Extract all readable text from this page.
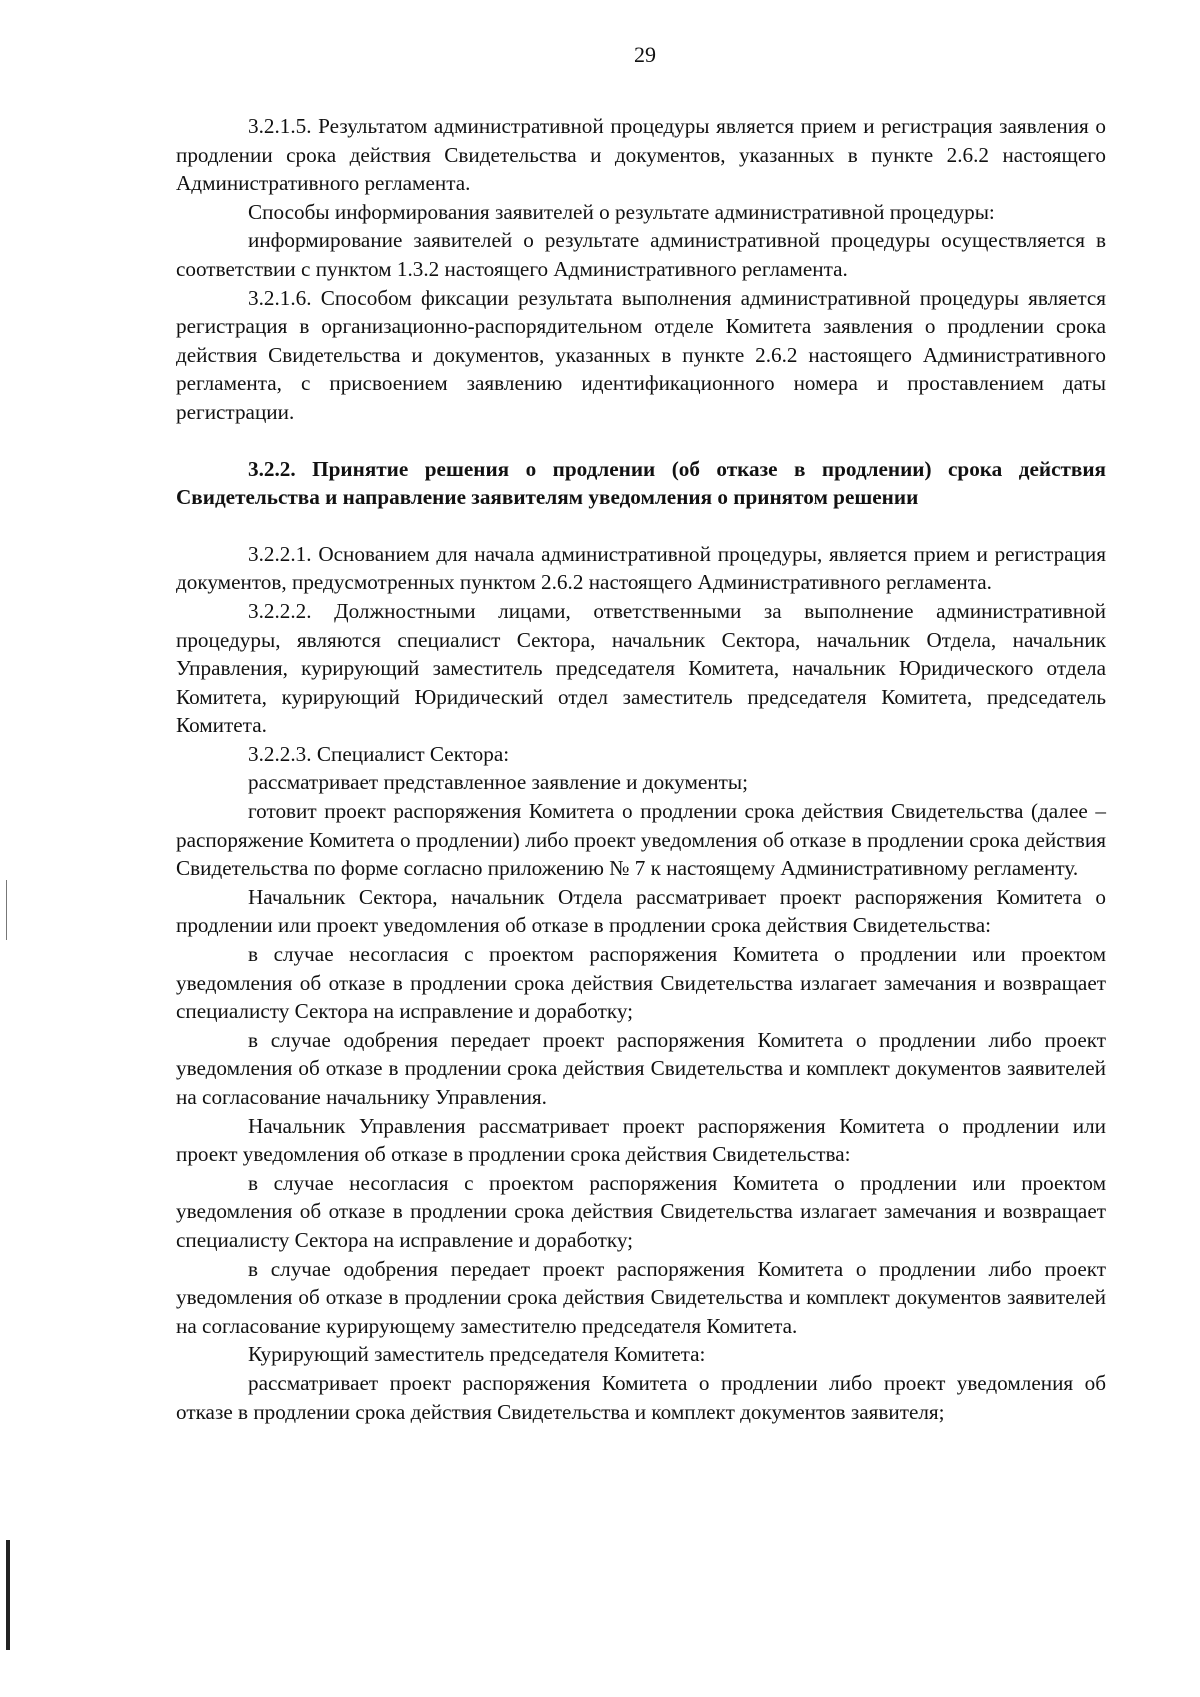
29

3.2.1.5. Результатом административной процедуры является прием и регистрация заявления о продлении срока действия Свидетельства и документов, указанных в пункте 2.6.2 настоящего Административного регламента.

Способы информирования заявителей о результате административной процедуры:

информирование заявителей о результате административной процедуры осуществляется в соответствии с пунктом 1.3.2 настоящего Административного регламента.

3.2.1.6. Способом фиксации результата выполнения административной процедуры является регистрация в организационно-распорядительном отделе Комитета заявления о продлении срока действия Свидетельства и документов, указанных в пункте 2.6.2 настоящего Административного регламента, с присвоением заявлению идентификационного номера и проставлением даты регистрации.

3.2.2. Принятие решения о продлении (об отказе в продлении) срока действия Свидетельства и направление заявителям уведомления о принятом решении

3.2.2.1. Основанием для начала административной процедуры, является прием и регистрация документов, предусмотренных пунктом 2.6.2 настоящего Административного регламента.

3.2.2.2. Должностными лицами, ответственными за выполнение административной процедуры, являются специалист Сектора, начальник Сектора, начальник Отдела, начальник Управления, курирующий заместитель председателя Комитета, начальник Юридического отдела Комитета, курирующий Юридический отдел заместитель председателя Комитета, председатель Комитета.

3.2.2.3. Специалист Сектора:

рассматривает представленное заявление и документы;

готовит проект распоряжения Комитета о продлении срока действия Свидетельства (далее – распоряжение Комитета о продлении) либо проект уведомления об отказе в продлении срока действия Свидетельства по форме согласно приложению № 7 к настоящему Административному регламенту.

Начальник Сектора, начальник Отдела рассматривает проект распоряжения Комитета о продлении или проект уведомления об отказе в продлении срока действия Свидетельства:

в случае несогласия с проектом распоряжения Комитета о продлении или проектом уведомления об отказе в продлении срока действия Свидетельства излагает замечания и возвращает специалисту Сектора на исправление и доработку;

в случае одобрения передает проект распоряжения Комитета о продлении либо проект уведомления об отказе в продлении срока действия Свидетельства и комплект документов заявителей на согласование начальнику Управления.

Начальник Управления рассматривает проект распоряжения Комитета о продлении или проект уведомления об отказе в продлении срока действия Свидетельства:

в случае несогласия с проектом распоряжения Комитета о продлении или проектом уведомления об отказе в продлении срока действия Свидетельства излагает замечания и возвращает специалисту Сектора на исправление и доработку;

в случае одобрения передает проект распоряжения Комитета о продлении либо проект уведомления об отказе в продлении срока действия Свидетельства и комплект документов заявителей на согласование курирующему заместителю председателя Комитета.

Курирующий заместитель председателя Комитета:

рассматривает проект распоряжения Комитета о продлении либо проект уведомления об отказе в продлении срока действия Свидетельства и комплект документов заявителя;
